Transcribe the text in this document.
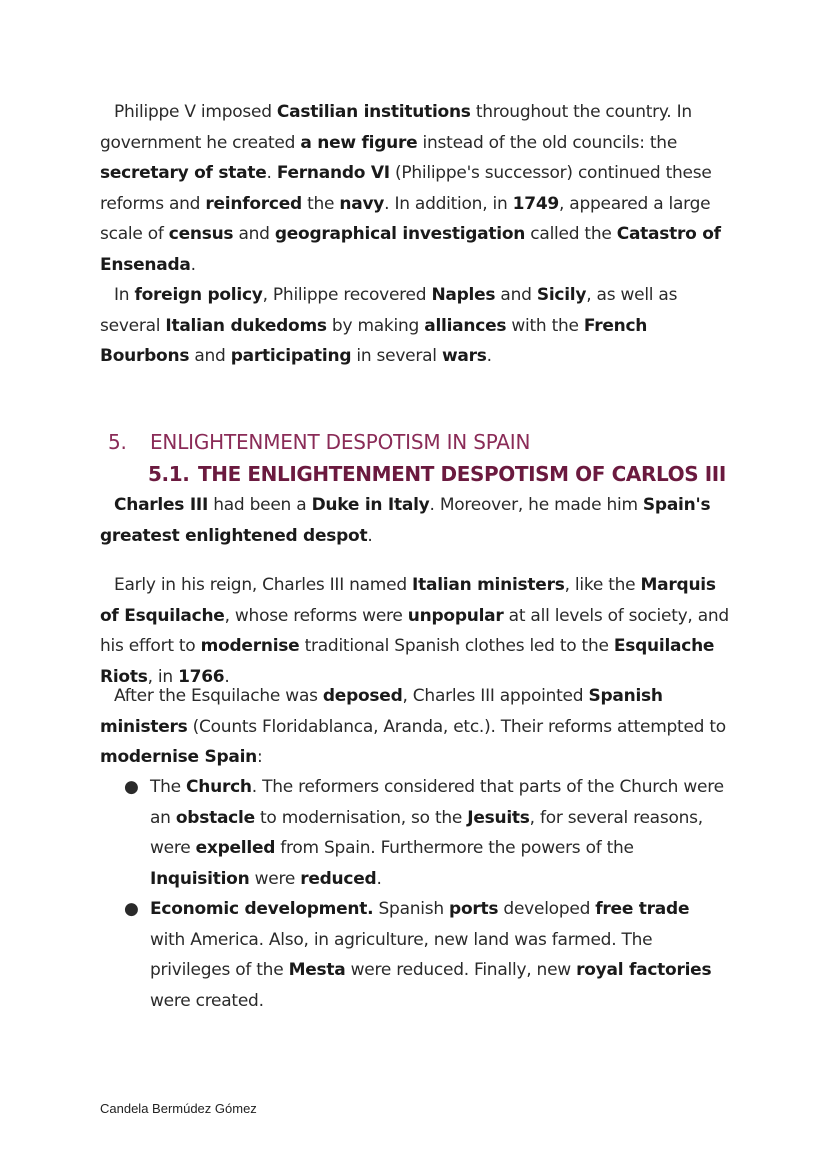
Philippe V imposed Castilian institutions throughout the country. In government he created a new figure instead of the old councils: the secretary of state. Fernando VI (Philippe's successor) continued these reforms and reinforced the navy. In addition, in 1749, appeared a large scale of census and geographical investigation called the Catastro of Ensenada.

In foreign policy, Philippe recovered Naples and Sicily, as well as several Italian dukedoms by making alliances with the French Bourbons and participating in several wars.

5. ENLIGHTENMENT DESPOTISM IN SPAIN
5.1. THE ENLIGHTENMENT DESPOTISM OF CARLOS III

Charles III had been a Duke in Italy. Moreover, he made him Spain's greatest enlightened despot.

Early in his reign, Charles III named Italian ministers, like the Marquis of Esquilache, whose reforms were unpopular at all levels of society, and his effort to modernise traditional Spanish clothes led to the Esquilache Riots, in 1766.

After the Esquilache was deposed, Charles III appointed Spanish ministers (Counts Floridablanca, Aranda, etc.). Their reforms attempted to modernise Spain:

● The Church. The reformers considered that parts of the Church were an obstacle to modernisation, so the Jesuits, for several reasons, were expelled from Spain. Furthermore the powers of the Inquisition were reduced.
● Economic development. Spanish ports developed free trade with America. Also, in agriculture, new land was farmed. The privileges of the Mesta were reduced. Finally, new royal factories were created.
Candela Bermúdez Gómez
